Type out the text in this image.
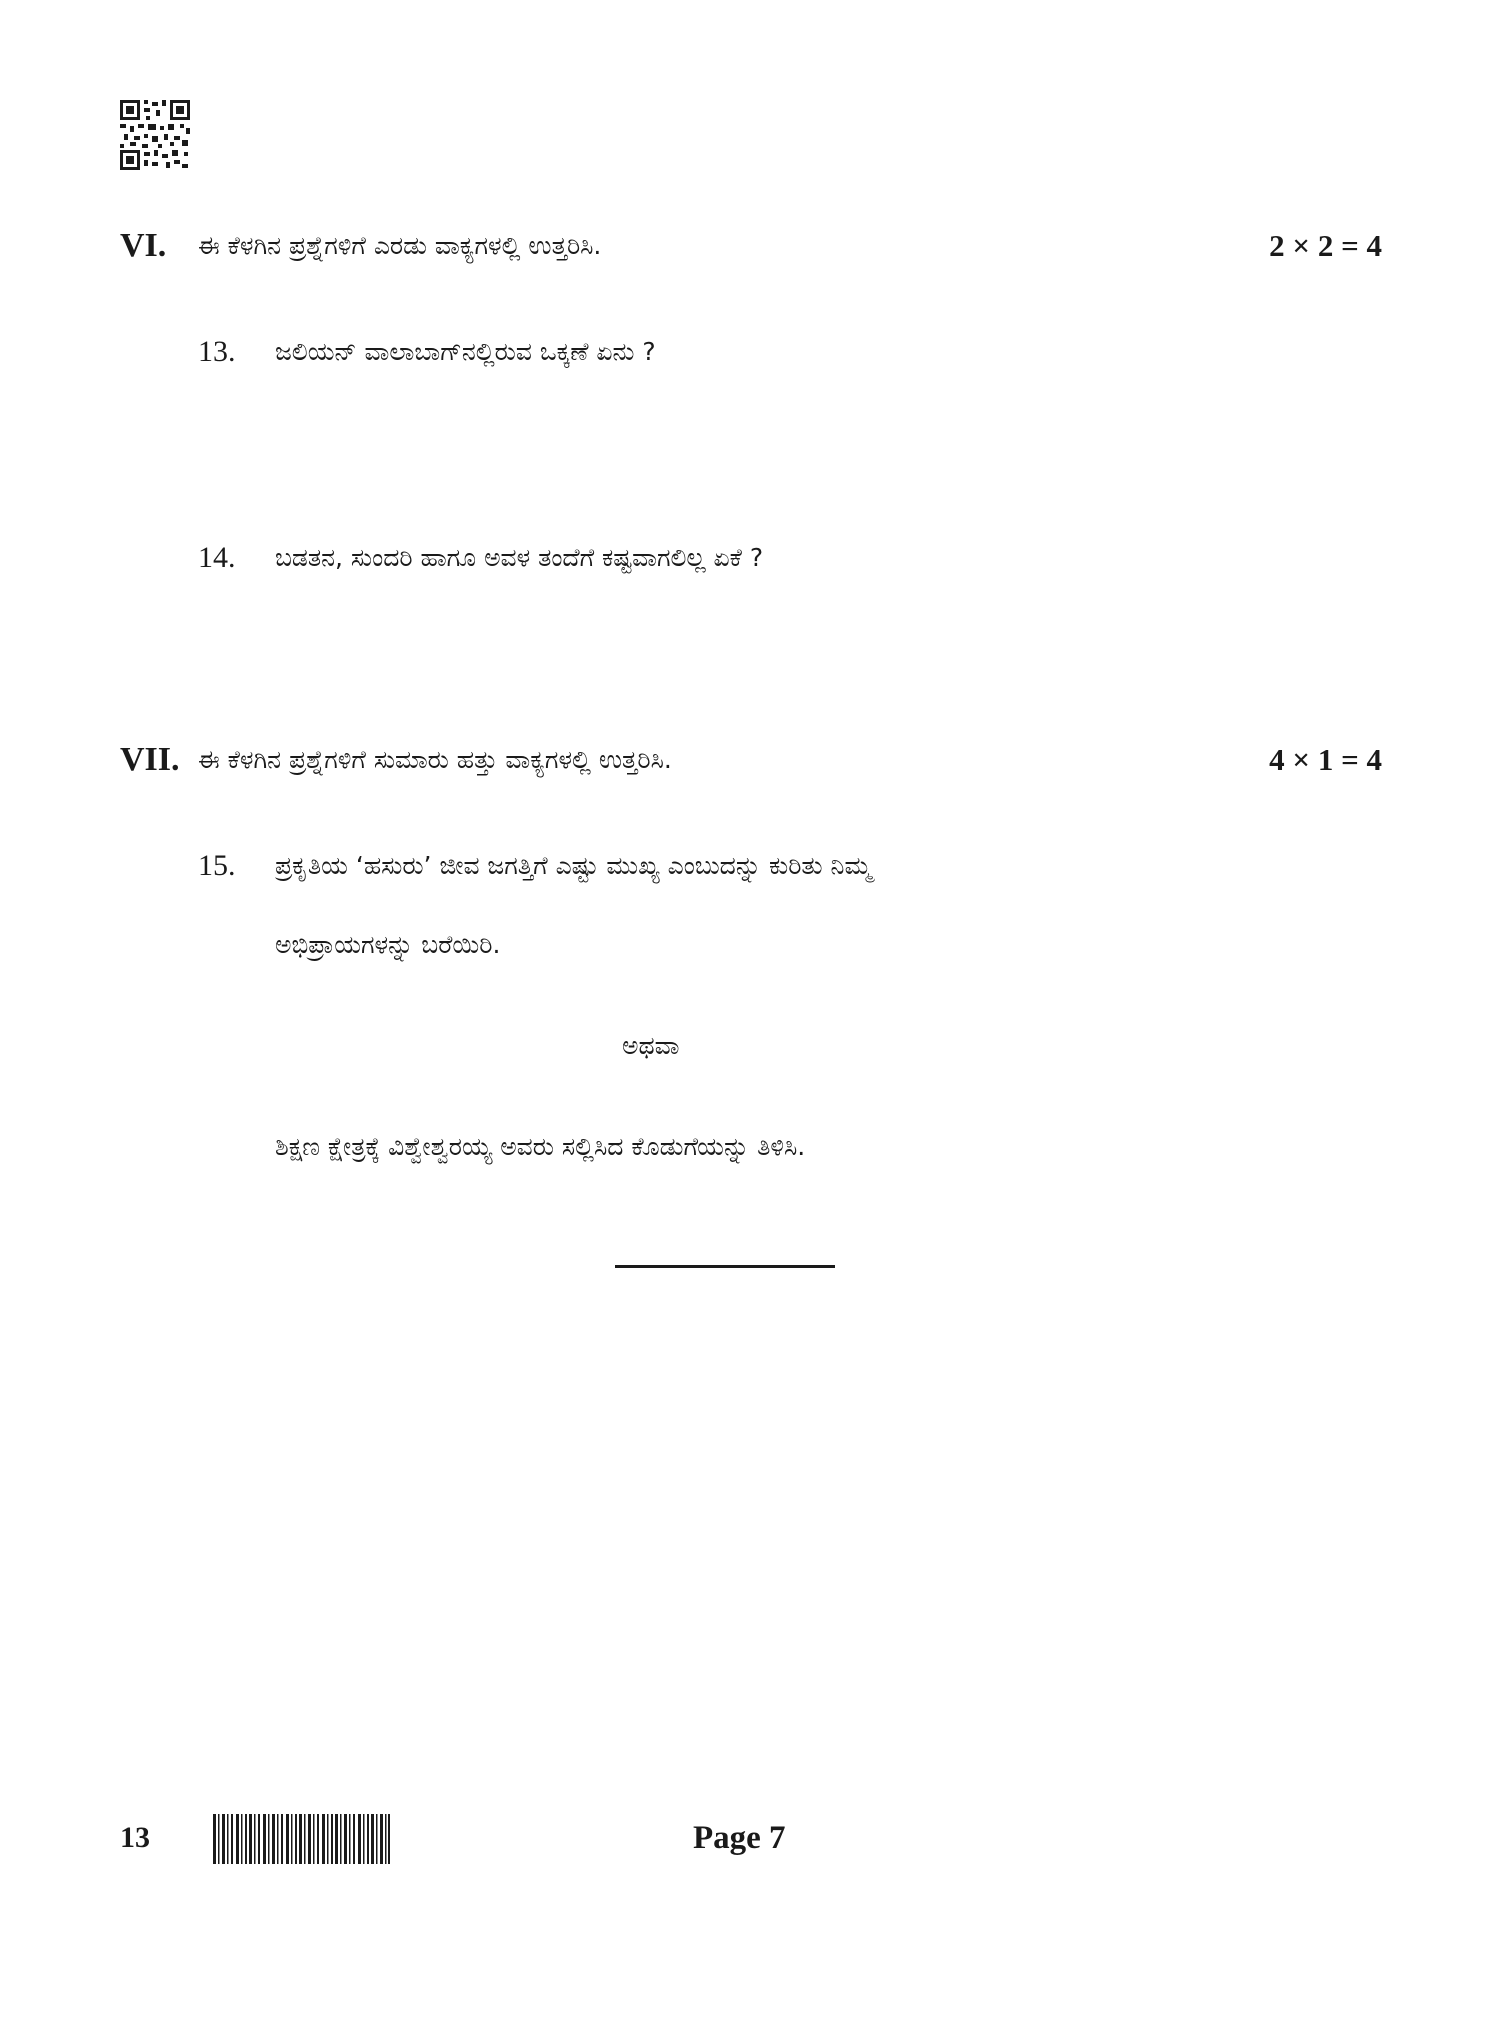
VI. ಈ ಕೆಳಗಿನ ಪ್ರಶ್ನೆಗಳಿಗೆ ಎರಡು ವಾಕ್ಯಗಳಲ್ಲಿ ಉತ್ತರಿಸಿ.	2 × 2 = 4
13. ಜಲಿಯನ್ ವಾಲಾಬಾಗ್‌ನಲ್ಲಿರುವ ಒಕ್ಕಣೆ ಏನು ?
14. ಬಡತನ, ಸುಂದರಿ ಹಾಗೂ ಅವಳ ತಂದೆಗೆ ಕಷ್ಟವಾಗಲಿಲ್ಲ ಏಕೆ ?
VII. ಈ ಕೆಳಗಿನ ಪ್ರಶ್ನೆಗಳಿಗೆ ಸುಮಾರು ಹತ್ತು ವಾಕ್ಯಗಳಲ್ಲಿ ಉತ್ತರಿಸಿ.	4 × 1 = 4
15. ಪ್ರಕೃತಿಯ ‘ಹಸುರು’ ಜೀವ ಜಗತ್ತಿಗೆ ಎಷ್ಟು ಮುಖ್ಯ ಎಂಬುದನ್ನು ಕುರಿತು ನಿಮ್ಮ
ಅಭಿಪ್ರಾಯಗಳನ್ನು ಬರೆಯಿರಿ.
ಅಥವಾ
ಶಿಕ್ಷಣ ಕ್ಷೇತ್ರಕ್ಕೆ ವಿಶ್ವೇಶ್ವರಯ್ಯ ಅವರು ಸಲ್ಲಿಸಿದ ಕೊಡುಗೆಯನ್ನು ತಿಳಿಸಿ.
13	Page 7
